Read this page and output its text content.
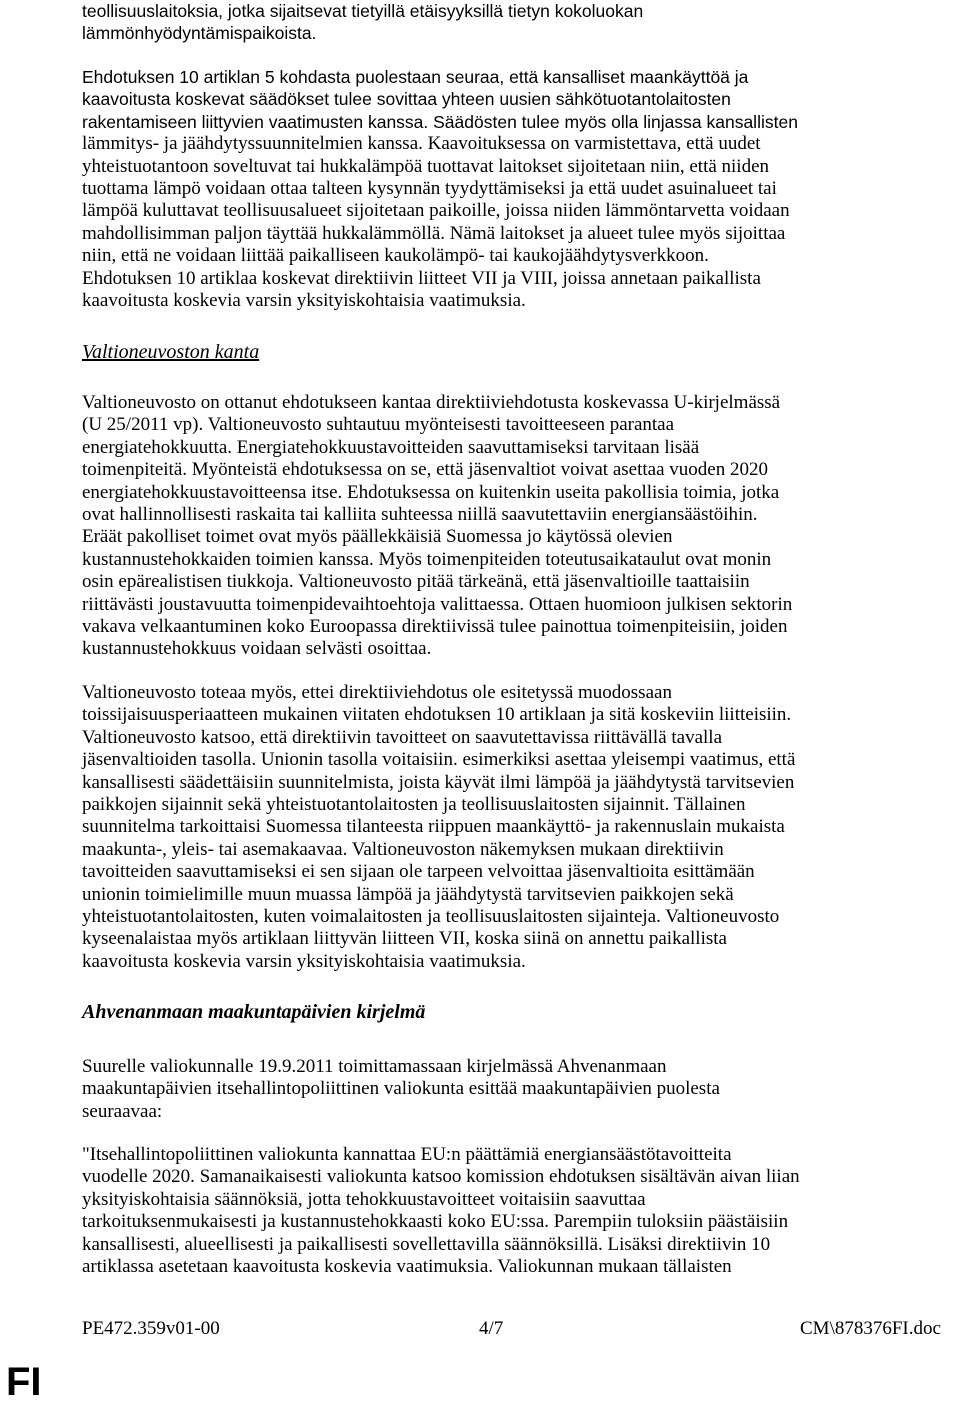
teollisuuslaitoksia, jotka sijaitsevat tietyillä etäisyyksillä tietyn kokoluokan
lämmönhyödyntämispaikoista.
Ehdotuksen 10 artiklan 5 kohdasta puolestaan seuraa, että kansalliset maankäyttöä ja
kaavoitusta koskevat säädökset tulee sovittaa yhteen uusien sähkötuotantolaitosten
rakentamiseen liittyvien vaatimusten kanssa. Säädösten tulee myös olla linjassa kansallisten
lämmitys- ja jäähdytyssuunnitelmien kanssa. Kaavoituksessa on varmistettava, että uudet
yhteistuotantoon soveltuvat tai hukkalämpöä tuottavat laitokset sijoitetaan niin, että niiden
tuottama lämpö voidaan ottaa talteen kysynnän tyydyttämiseksi ja että uudet asuinalueet tai
lämpöä kuluttavat teollisuusalueet sijoitetaan paikoille, joissa niiden lämmöntarvetta voidaan
mahdollisimman paljon täyttää hukkalämmöllä. Nämä laitokset ja alueet tulee myös sijoittaa
niin, että ne voidaan liittää paikalliseen kaukolämpö- tai kaukojäähdytysverkkoon.
Ehdotuksen 10 artiklaa koskevat direktiivin liitteet VII ja VIII, joissa annetaan paikallista
kaavoitusta koskevia varsin yksityiskohtaisia vaatimuksia.
Valtioneuvoston kanta
Valtioneuvosto on ottanut ehdotukseen kantaa direktiiviehdotusta koskevassa U-kirjelmässä
(U 25/2011 vp). Valtioneuvosto suhtautuu myönteisesti tavoitteeseen parantaa
energiatehokkuutta. Energiatehokkuustavoitteiden saavuttamiseksi tarvitaan lisää
toimenpiteitä. Myönteistä ehdotuksessa on se, että jäsenvaltiot voivat asettaa vuoden 2020
energiatehokkuustavoitteensa itse. Ehdotuksessa on kuitenkin useita pakollisia toimia, jotka
ovat hallinnollisesti raskaita tai kalliita suhteessa niillä saavutettaviin energiansäästöihin.
Eräät pakolliset toimet ovat myös päällekkäisiä Suomessa jo käytössä olevien
kustannustehokkaiden toimien kanssa. Myös toimenpiteiden toteutusaikataulut ovat monin
osin epärealistisen tiukkoja. Valtioneuvosto pitää tärkeänä, että jäsenvaltioille taattaisiin
riittävästi joustavuutta toimenpidevaihtoehtoja valittaessa. Ottaen huomioon julkisen sektorin
vakava velkaantuminen koko Euroopassa direktiivissä tulee painottua toimenpiteisiin, joiden
kustannustehokkuus voidaan selvästi osoittaa.
Valtioneuvosto toteaa myös, ettei direktiiviehdotus ole esitetyssä muodossaan
toissijaisuusperiaatteen mukainen viitaten ehdotuksen 10 artiklaan ja sitä koskeviin liitteisiin.
Valtioneuvosto katsoo, että direktiivin tavoitteet on saavutettavissa riittävällä tavalla
jäsenvaltioiden tasolla. Unionin tasolla voitaisiin. esimerkiksi asettaa yleisempi vaatimus, että
kansallisesti säädettäisiin suunnitelmista, joista käyvät ilmi lämpöä ja jäähdytystä tarvitsevien
paikkojen sijainnit sekä yhteistuotantolaitosten ja teollisuuslaitosten sijainnit. Tällainen
suunnitelma tarkoittaisi Suomessa tilanteesta riippuen maankäyttö- ja rakennuslain mukaista
maakunta-, yleis- tai asemakaavaa. Valtioneuvoston näkemyksen mukaan direktiivin
tavoitteiden saavuttamiseksi ei sen sijaan ole tarpeen velvoittaa jäsenvaltioita esittämään
unionin toimielimille muun muassa lämpöä ja jäähdytystä tarvitsevien paikkojen sekä
yhteistuotantolaitosten, kuten voimalaitosten ja teollisuuslaitosten sijainteja. Valtioneuvosto
kyseenalaistaa myös artiklaan liittyvän liitteen VII, koska siinä on annettu paikallista
kaavoitusta koskevia varsin yksityiskohtaisia vaatimuksia.
Ahvenanmaan maakuntapäivien kirjelmä
Suurelle valiokunnalle 19.9.2011 toimittamassaan kirjelmässä Ahvenanmaan
maakuntapäivien itsehallintopoliittinen valiokunta esittää maakuntapäivien puolesta
seuraavaa:
"Itsehallintopoliittinen valiokunta kannattaa EU:n päättämiä energiansäästötavoitteita
vuodelle 2020. Samanaikaisesti valiokunta katsoo komission ehdotuksen sisältävän aivan liian
yksityiskohtaisia säännöksiä, jotta tehokkuustavoitteet voitaisiin saavuttaa
tarkoituksenmukaisesti ja kustannustehokkaasti koko EU:ssa. Parempiin tuloksiin päästäisiin
kansallisesti, alueellisesti ja paikallisesti sovellettavilla säännöksillä. Lisäksi direktiivin 10
artiklassa asetetaan kaavoitusta koskevia vaatimuksia. Valiokunnan mukaan tällaisten
PE472.359v01-00	4/7	CM\878376FI.doc
FI
